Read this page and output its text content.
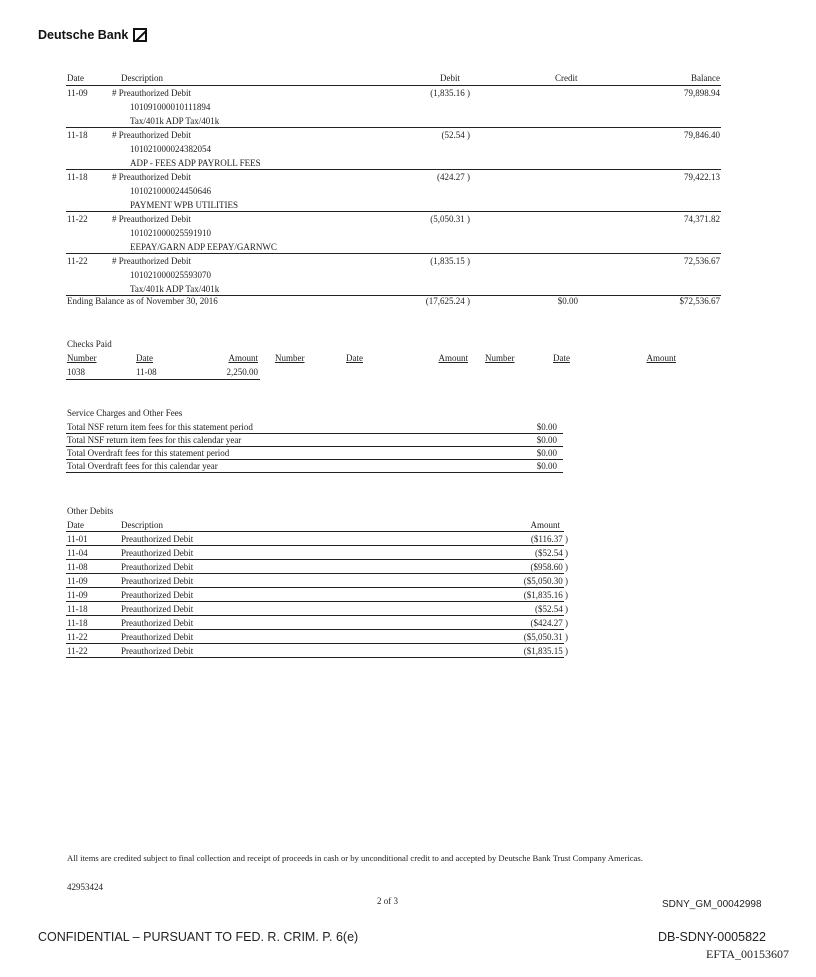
Deutsche Bank
Date	Description	Debit	Credit	Balance
11-09	# Preauthorized Debit
101091000010111894
Tax/401k ADP Tax/401k
(1,835.16 )	79,898.94
11-18	# Preauthorized Debit
101021000024382054
ADP - FEES ADP PAYROLL FEES
(52.54 )	79,846.40
11-18	# Preauthorized Debit
101021000024450646
PAYMENT WPB UTILITIES
(424.27 )	79,422.13
11-22	# Preauthorized Debit
101021000025591910
EEPAY/GARN ADP EEPAY/GARNWC
(5,050.31 )	74,371.82
11-22	# Preauthorized Debit
101021000025593070
Tax/401k ADP Tax/401k
(1,835.15 )	72,536.67
Ending Balance as of November 30, 2016	(17,625.24 )	$0.00	$72,536.67
Checks Paid
Number	Date	Amount Number	Date	Amount Number	Date	Amount
1038	11-08	2,250.00
Service Charges and Other Fees
Total NSF return item fees for this statement period	$0.00
Total NSF return item fees for this calendar year	$0.00
Total Overdraft fees for this statement period	$0.00
Total Overdraft fees for this calendar year	$0.00
Other Debits
Date	Description	Amount
11-01	Preauthorized Debit	($116.37 )
11-04	Preauthorized Debit	($52.54 )
11-08	Preauthorized Debit	($958.60 )
11-09	Preauthorized Debit	($5,050.30 )
11-09	Preauthorized Debit	($1,835.16 )
11-18	Preauthorized Debit	($52.54 )
11-18	Preauthorized Debit	($424.27 )
11-22	Preauthorized Debit	($5,050.31 )
11-22	Preauthorized Debit	($1,835.15 )
All items are credited subject to final collection and receipt of proceeds in cash or by unconditional credit to and accepted by Deutsche Bank Trust Company Americas.
42953424
2 of 3	SDNY_GM_00042998
CONFIDENTIAL – PURSUANT TO FED. R. CRIM. P. 6(e)	DB-SDNY-0005822
EFTA_00153607
